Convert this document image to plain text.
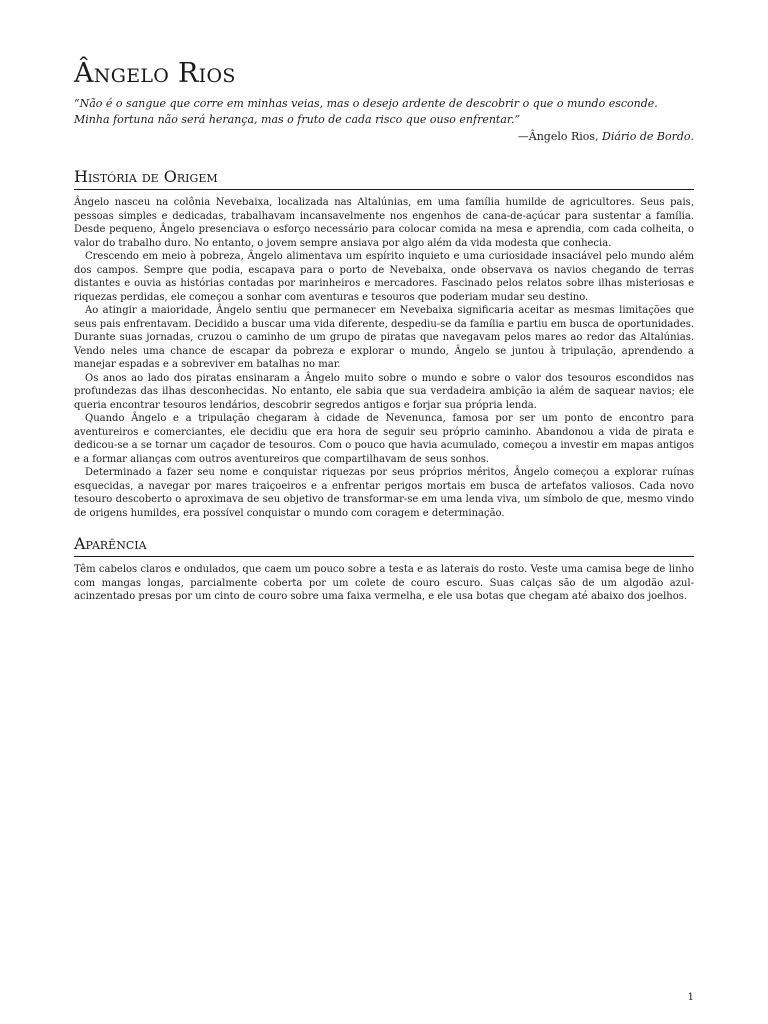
Ângelo Rios

“Não é o sangue que corre em minhas veias, mas o desejo ardente de descobrir o que o mundo esconde. Minha fortuna não será herança, mas o fruto de cada risco que ouso enfrentar.”

—Ângelo Rios, Diário de Bordo.

História de Origem

Ângelo nasceu na colônia Nevebaixa, localizada nas Altalúnias, em uma família humilde de agricultores. Seus pais, pessoas simples e dedicadas, trabalhavam incansavelmente nos engenhos de cana-de-açúcar para sustentar a família. Desde pequeno, Ângelo presenciava o esforço necessário para colocar comida na mesa e aprendia, com cada colheita, o valor do trabalho duro. No entanto, o jovem sempre ansiava por algo além da vida modesta que conhecia.

Crescendo em meio à pobreza, Ângelo alimentava um espírito inquieto e uma curiosidade insaciável pelo mundo além dos campos. Sempre que podia, escapava para o porto de Nevebaixa, onde observava os navios chegando de terras distantes e ouvia as histórias contadas por marinheiros e mercadores. Fascinado pelos relatos sobre ilhas misteriosas e riquezas perdidas, ele começou a sonhar com aventuras e tesouros que poderiam mudar seu destino.

Ao atingir a maioridade, Ângelo sentiu que permanecer em Nevebaixa significaria aceitar as mesmas limitações que seus pais enfrentavam. Decidido a buscar uma vida diferente, despediu-se da família e partiu em busca de oportunidades. Durante suas jornadas, cruzou o caminho de um grupo de piratas que navegavam pelos mares ao redor das Altalúnias. Vendo neles uma chance de escapar da pobreza e explorar o mundo, Ângelo se juntou à tripulação, aprendendo a manejar espadas e a sobreviver em batalhas no mar.

Os anos ao lado dos piratas ensinaram a Ângelo muito sobre o mundo e sobre o valor dos tesouros escondidos nas profundezas das ilhas desconhecidas. No entanto, ele sabia que sua verdadeira ambição ia além de saquear navios; ele queria encontrar tesouros lendários, descobrir segredos antigos e forjar sua própria lenda.

Quando Ângelo e a tripulação chegaram à cidade de Nevenunca, famosa por ser um ponto de encontro para aventureiros e comerciantes, ele decidiu que era hora de seguir seu próprio caminho. Abandonou a vida de pirata e dedicou-se a se tornar um caçador de tesouros. Com o pouco que havia acumulado, começou a investir em mapas antigos e a formar alianças com outros aventureiros que compartilhavam de seus sonhos.

Determinado a fazer seu nome e conquistar riquezas por seus próprios méritos, Ângelo começou a explorar ruínas esquecidas, a navegar por mares traiçoeiros e a enfrentar perigos mortais em busca de artefatos valiosos. Cada novo tesouro descoberto o aproximava de seu objetivo de transformar-se em uma lenda viva, um símbolo de que, mesmo vindo de origens humildes, era possível conquistar o mundo com coragem e determinação.

Aparência

Têm cabelos claros e ondulados, que caem um pouco sobre a testa e as laterais do rosto. Veste uma camisa bege de linho com mangas longas, parcialmente coberta por um colete de couro escuro. Suas calças são de um algodão azul-acinzentado presas por um cinto de couro sobre uma faixa vermelha, e ele usa botas que chegam até abaixo dos joelhos.

1
